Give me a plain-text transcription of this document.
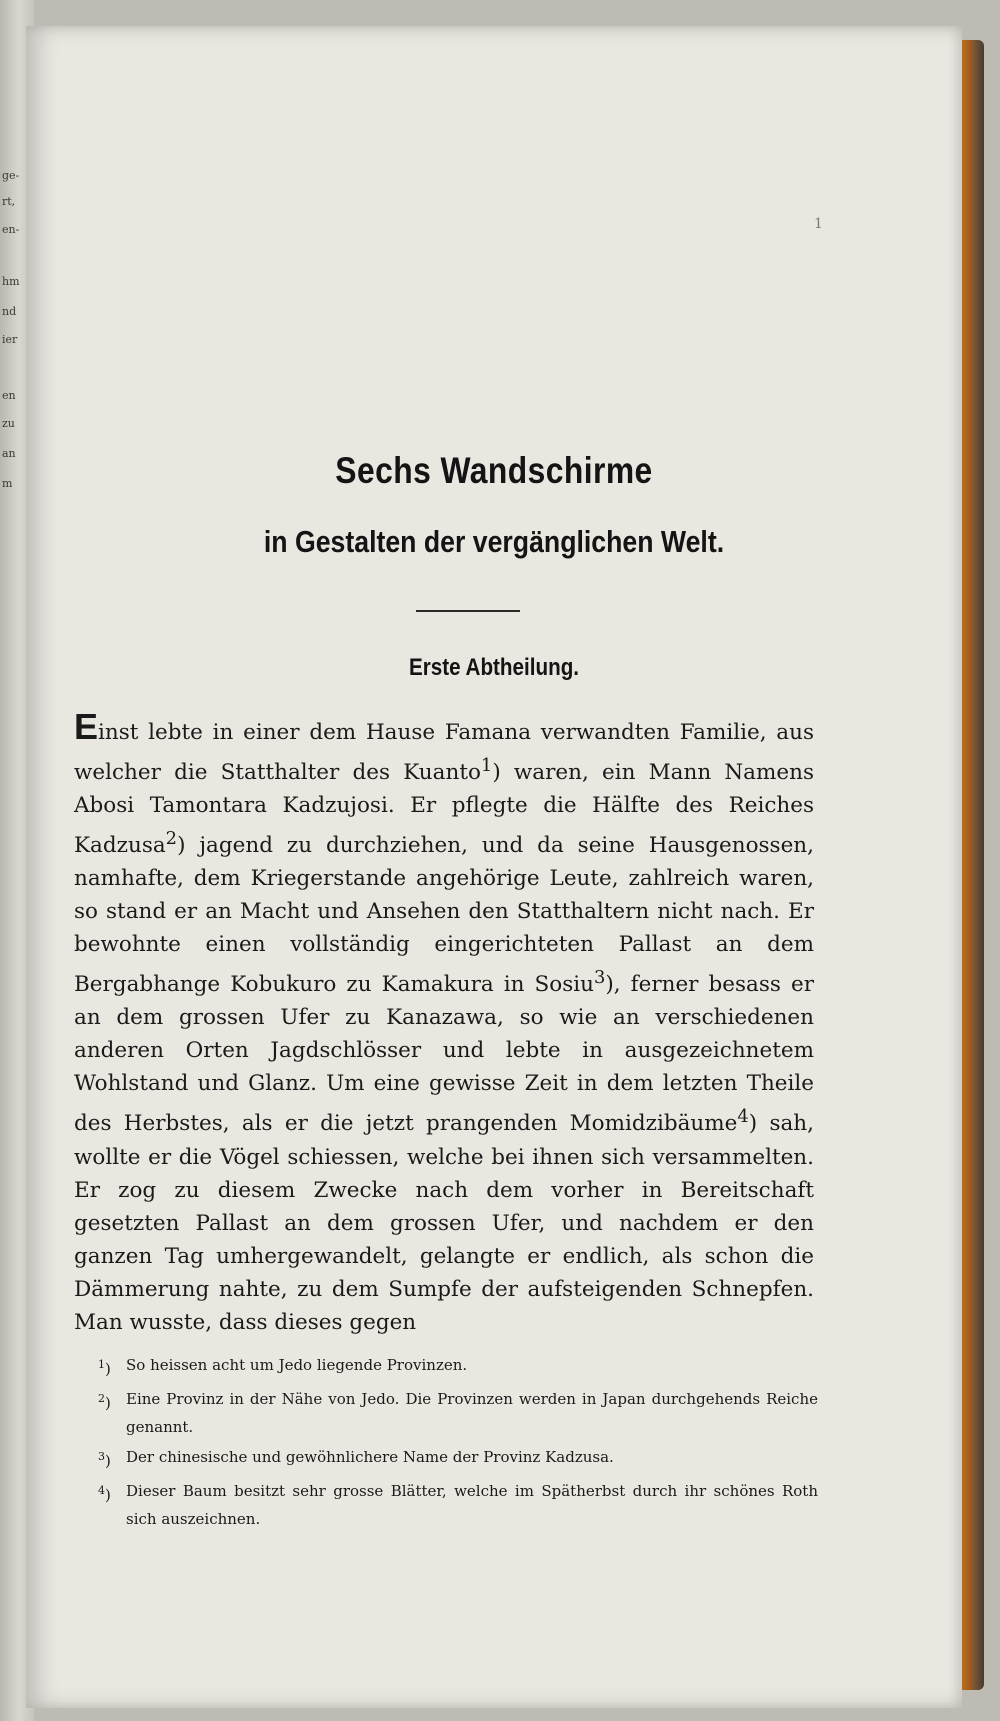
ge-
rt,
en-
hm
nd
ier
en
zu
an
m
1
Sechs Wandschirme
in Gestalten der vergänglichen Welt.
Erste Abtheilung.
Einst lebte in einer dem Hause Famana verwandten Familie, aus welcher die Statthalter des Kuanto$^1$) waren, ein Mann Namens Abosi Tamontara Kadzujosi. Er pflegte die Hälfte des Reiches Kadzusa$^2$) jagend zu durchziehen, und da seine Hausgenossen, namhafte, dem Kriegerstande angehörige Leute, zahlreich waren, so stand er an Macht und Ansehen den Statthaltern nicht nach. Er bewohnte einen vollständig eingerichteten Pallast an dem Bergabhange Kobukuro zu Kamakura in Sosiu$^3$), ferner besass er an dem grossen Ufer zu Kanazawa, so wie an verschiedenen anderen Orten Jagdschlösser und lebte in ausgezeichnetem Wohlstand und Glanz. Um eine gewisse Zeit in dem letzten Theile des Herbstes, als er die jetzt prangenden Momidzibäume$^4$) sah, wollte er die Vögel schiessen, welche bei ihnen sich versammelten. Er zog zu diesem Zwecke nach dem vorher in Bereitschaft gesetzten Pallast an dem grossen Ufer, und nachdem er den ganzen Tag umhergewandelt, gelangte er endlich, als schon die Dämmerung nahte, zu dem Sumpfe der aufsteigenden Schnepfen. Man wusste, dass dieses gegen
$^1$)	So heissen acht um Jedo liegende Provinzen.
$^2$)	Eine Provinz in der Nähe von Jedo. Die Provinzen werden in Japan durchgehends Reiche genannt.
$^3$)	Der chinesische und gewöhnlichere Name der Provinz Kadzusa.
$^4$)	Dieser Baum besitzt sehr grosse Blätter, welche im Spätherbst durch ihr schönes Roth sich auszeichnen.
